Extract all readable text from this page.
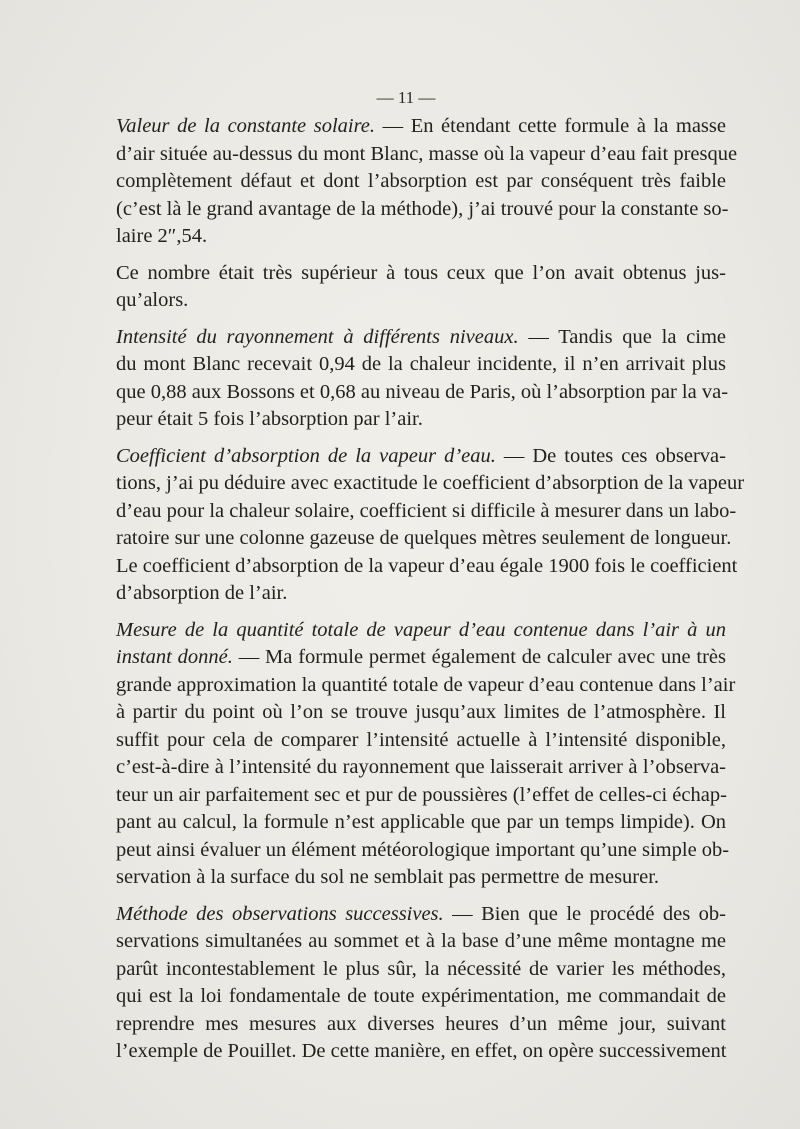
— 11 —
Valeur de la constante solaire. — En étendant cette formule à la masse
d’air située au-dessus du mont Blanc, masse où la vapeur d’eau fait presque
complètement défaut et dont l’absorption est par conséquent très faible
(c’est là le grand avantage de la méthode), j’ai trouvé pour la constante so-
laire 2″,54.
Ce nombre était très supérieur à tous ceux que l’on avait obtenus jus-
qu’alors.
Intensité du rayonnement à différents niveaux. — Tandis que la cime
du mont Blanc recevait 0,94 de la chaleur incidente, il n’en arrivait plus
que 0,88 aux Bossons et 0,68 au niveau de Paris, où l’absorption par la va-
peur était 5 fois l’absorption par l’air.
Coefficient d’absorption de la vapeur d’eau. — De toutes ces observa-
tions, j’ai pu déduire avec exactitude le coefficient d’absorption de la vapeur
d’eau pour la chaleur solaire, coefficient si difficile à mesurer dans un labo-
ratoire sur une colonne gazeuse de quelques mètres seulement de longueur.
Le coefficient d’absorption de la vapeur d’eau égale 1900 fois le coefficient
d’absorption de l’air.
Mesure de la quantité totale de vapeur d’eau contenue dans l’air à un
instant donné. — Ma formule permet également de calculer avec une très
grande approximation la quantité totale de vapeur d’eau contenue dans l’air
à partir du point où l’on se trouve jusqu’aux limites de l’atmosphère. Il
suffit pour cela de comparer l’intensité actuelle à l’intensité disponible,
c’est-à-dire à l’intensité du rayonnement que laisserait arriver à l’observa-
teur un air parfaitement sec et pur de poussières (l’effet de celles-ci échap-
pant au calcul, la formule n’est applicable que par un temps limpide). On
peut ainsi évaluer un élément météorologique important qu’une simple ob-
servation à la surface du sol ne semblait pas permettre de mesurer.
Méthode des observations successives. — Bien que le procédé des ob-
servations simultanées au sommet et à la base d’une même montagne me
parût incontestablement le plus sûr, la nécessité de varier les méthodes,
qui est la loi fondamentale de toute expérimentation, me commandait de
reprendre mes mesures aux diverses heures d’un même jour, suivant
l’exemple de Pouillet. De cette manière, en effet, on opère successivement
